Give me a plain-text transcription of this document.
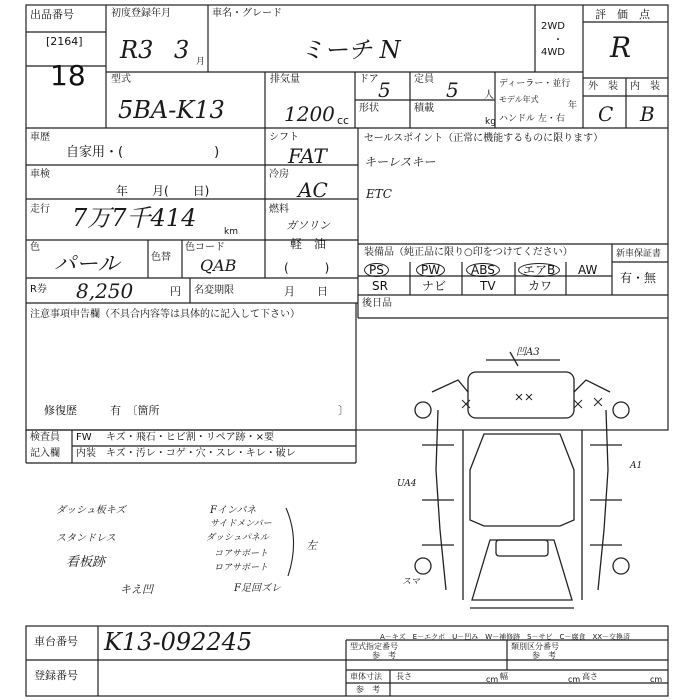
出品番号
[2164]
18
初度登録年月
R3 3 月
車名・グレード
ミーチ N
2WD
・
4WD
評　価　点
R
型式
5BA-K13
排気量
1200 cc
ドア 5 定員 5	人
形状	積載
kg
ディーラー・並行
モデル年式
年
ハンドル 左・右
外　装 内　装
C B
車歴
自家用・(　　　　　　　)
シフト
FAT
セールスポイント（正常に機能するものに限ります）
キーレスキー
ETC
車検
年　　月(　　日)
冷房
AC
走行 7万7千414	km
燃料
ガソリン
軽　油
色
パール	色替
色コード
QAB	(　　　)
装備品（純正品に限り○印をつけてください）
PS	PW	ABS	エアB	AW
SR	ナビ	TV	カワ
新車保証書
有・無
R券 8,250	円 名変期限	月　　日
後日品
注意事項申告欄（不具合内容等は具体的に記入して下さい）
修復歴	有　〔箇所	〕
検査員
記入欄
FW キズ・飛石・ヒビ割・リペア跡・×要
内装 キズ・汚レ・コゲ・穴・スレ・キレ・破レ
ダッシュ板キズ
スタンドレス
看板跡
キえ凹
Fインパネ
サイドメンバー
ダッシュパネル
コアサポート
ロアサポート
F足回ズレ
左
凹A3
A1
UA4
スマ
A－キズ　E－エクボ　U－凹み　W－補修跡　S－サビ　C－腐食　XX－交換済
車台番号 K13-092245
登録番号
型式指定番号
参　考
類別区分番号
参　考
車体寸法
参　考
長さ	cm 幅	cm 高さ	cm
